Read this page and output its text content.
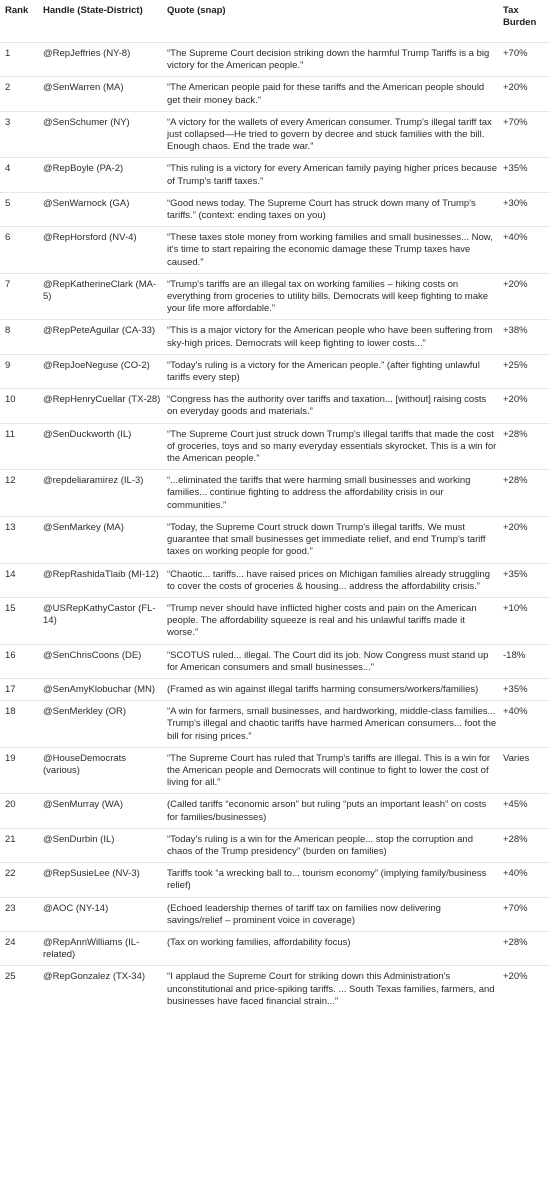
Rank	Handle (State-District)	Quote (snap)	Tax Burden
1	@RepJeffries (NY-8)	“The Supreme Court decision striking down the harmful Trump Tariffs is a big victory for the American people.”	+70%
2	@SenWarren (MA)	“The American people paid for these tariffs and the American people should get their money back.”	+20%
3	@SenSchumer (NY)	“A victory for the wallets of every American consumer. Trump's illegal tariff tax just collapsed—He tried to govern by decree and stuck families with the bill. Enough chaos. End the trade war.”	+70%
4	@RepBoyle (PA-2)	“This ruling is a victory for every American family paying higher prices because of Trump's tariff taxes.”	+35%
5	@SenWarnock (GA)	“Good news today. The Supreme Court has struck down many of Trump's tariffs.” (context: ending taxes on you)	+30%
6	@RepHorsford (NV-4)	“These taxes stole money from working families and small businesses... Now, it's time to start repairing the economic damage these Trump taxes have caused.”	+40%
7	@RepKatherineClark (MA-5)	“Trump's tariffs are an illegal tax on working families – hiking costs on everything from groceries to utility bills. Democrats will keep fighting to make your life more affordable.”	+20%
8	@RepPeteAguilar (CA-33)	“This is a major victory for the American people who have been suffering from sky-high prices. Democrats will keep fighting to lower costs...”	+38%
9	@RepJoeNeguse (CO-2)	“Today's ruling is a victory for the American people.” (after fighting unlawful tariffs every step)	+25%
10	@RepHenryCuellar (TX-28)	“Congress has the authority over tariffs and taxation... [without] raising costs on everyday goods and materials.”	+20%
11	@SenDuckworth (IL)	“The Supreme Court just struck down Trump's illegal tariffs that made the cost of groceries, toys and so many everyday essentials skyrocket. This is a win for the American people.”	+28%
12	@repdeliaramirez (IL-3)	“...eliminated the tariffs that were harming small businesses and working families... continue fighting to address the affordability crisis in our communities.”	+28%
13	@SenMarkey (MA)	“Today, the Supreme Court struck down Trump's illegal tariffs. We must guarantee that small businesses get immediate relief, and end Trump's tariff taxes on working people for good.”	+20%
14	@RepRashidaTlaib (MI-12)	“Chaotic... tariffs... have raised prices on Michigan families already struggling to cover the costs of groceries & housing... address the affordability crisis.”	+35%
15	@USRepKathyCastor (FL-14)	“Trump never should have inflicted higher costs and pain on the American people. The affordability squeeze is real and his unlawful tariffs made it worse.”	+10%
16	@SenChrisCoons (DE)	“SCOTUS ruled... illegal. The Court did its job. Now Congress must stand up for American consumers and small businesses...”	-18%
17	@SenAmyKlobuchar (MN)	(Framed as win against illegal tariffs harming consumers/workers/families)	+35%
18	@SenMerkley (OR)	“A win for farmers, small businesses, and hardworking, middle-class families... Trump's illegal and chaotic tariffs have harmed American consumers... foot the bill for rising prices.”	+40%
19	@HouseDemocrats (various)	“The Supreme Court has ruled that Trump's tariffs are illegal. This is a win for the American people and Democrats will continue to fight to lower the cost of living for all.”	Varies
20	@SenMurray (WA)	(Called tariffs “economic arson” but ruling “puts an important leash” on costs for families/businesses)	+45%
21	@SenDurbin (IL)	“Today's ruling is a win for the American people... stop the corruption and chaos of the Trump presidency” (burden on families)	+28%
22	@RepSusieLee (NV-3)	Tariffs took “a wrecking ball to... tourism economy” (implying family/business relief)	+40%
23	@AOC (NY-14)	(Echoed leadership themes of tariff tax on families now delivering savings/relief – prominent voice in coverage)	+70%
24	@RepAnnWilliams (IL-related)	(Tax on working families, affordability focus)	+28%
25	@RepGonzalez (TX-34)	“I applaud the Supreme Court for striking down this Administration's unconstitutional and price-spiking tariffs. ... South Texas families, farmers, and businesses have faced financial strain...”	+20%
